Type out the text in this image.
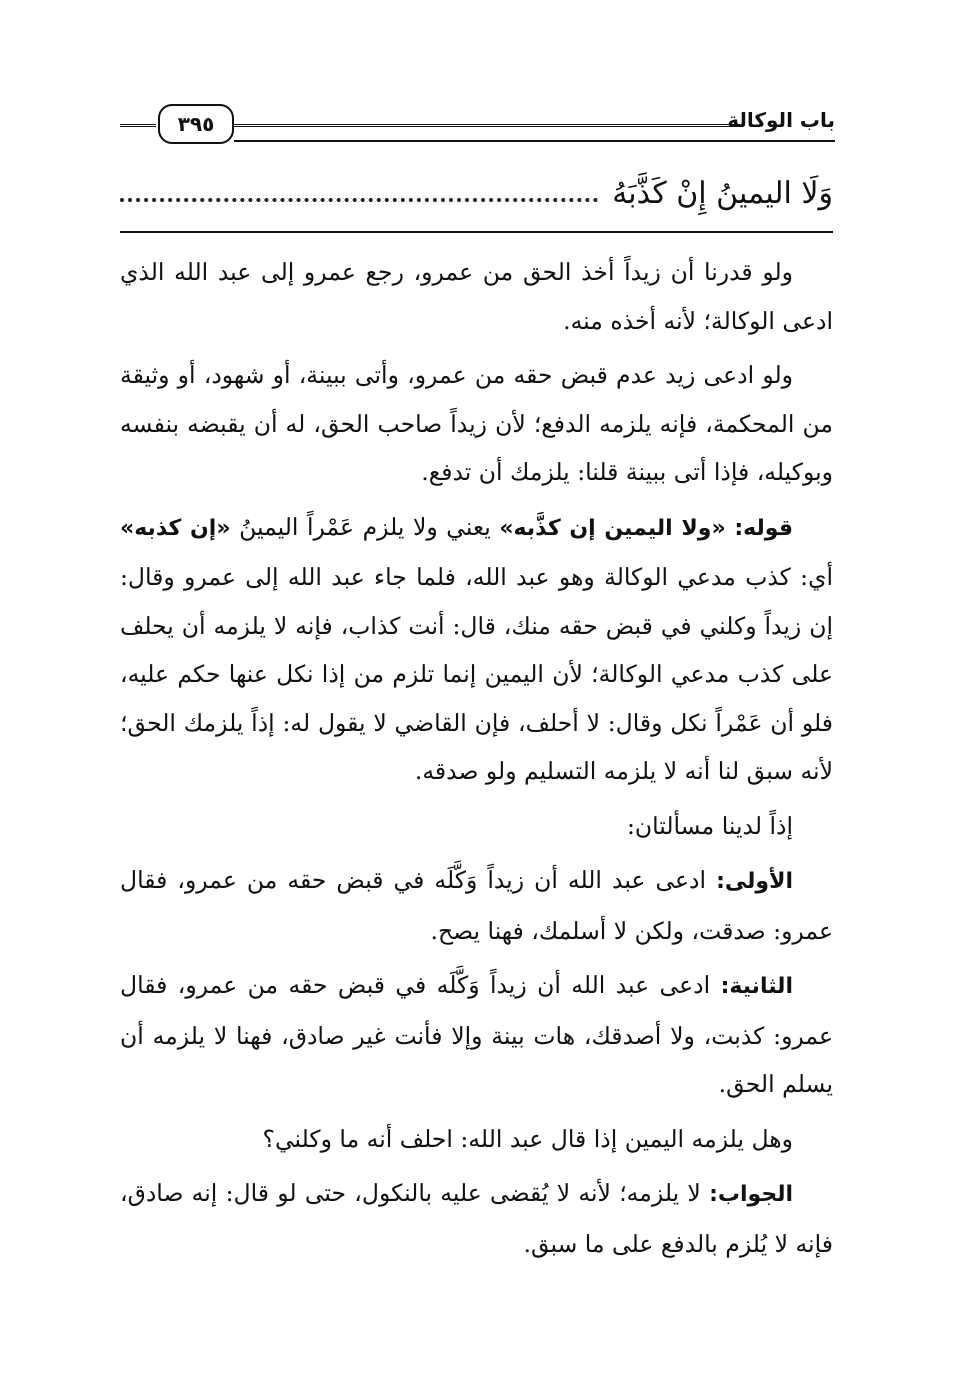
باب الوكالة
٣٩٥
وَلَا اليمينُ إِنْ كَذَّبَهُ

ولو قدرنا أن زيداً أخذ الحق من عمرو، رجع عمرو إلى عبد الله الذي ادعى الوكالة؛ لأنه أخذه منه.

ولو ادعى زيد عدم قبض حقه من عمرو، وأتى ببينة، أو شهود، أو وثيقة من المحكمة، فإنه يلزمه الدفع؛ لأن زيداً صاحب الحق، له أن يقبضه بنفسه وبوكيله، فإذا أتى ببينة قلنا: يلزمك أن تدفع.

قوله: «ولا اليمين إن كذَّبه» يعني ولا يلزم عَمْراً اليمينُ «إن كذبه» أي: كذب مدعي الوكالة وهو عبد الله، فلما جاء عبد الله إلى عمرو وقال: إن زيداً وكلني في قبض حقه منك، قال: أنت كذاب، فإنه لا يلزمه أن يحلف على كذب مدعي الوكالة؛ لأن اليمين إنما تلزم من إذا نكل عنها حكم عليه، فلو أن عَمْراً نكل وقال: لا أحلف، فإن القاضي لا يقول له: إذاً يلزمك الحق؛ لأنه سبق لنا أنه لا يلزمه التسليم ولو صدقه.

إذاً لدينا مسألتان:

الأولى: ادعى عبد الله أن زيداً وَكَّلَه في قبض حقه من عمرو، فقال عمرو: صدقت، ولكن لا أسلمك، فهنا يصح.

الثانية: ادعى عبد الله أن زيداً وَكَّلَه في قبض حقه من عمرو، فقال عمرو: كذبت، ولا أصدقك، هات بينة وإلا فأنت غير صادق، فهنا لا يلزمه أن يسلم الحق.

وهل يلزمه اليمين إذا قال عبد الله: احلف أنه ما وكلني؟

الجواب: لا يلزمه؛ لأنه لا يُقضى عليه بالنكول، حتى لو قال: إنه صادق، فإنه لا يُلزم بالدفع على ما سبق.
